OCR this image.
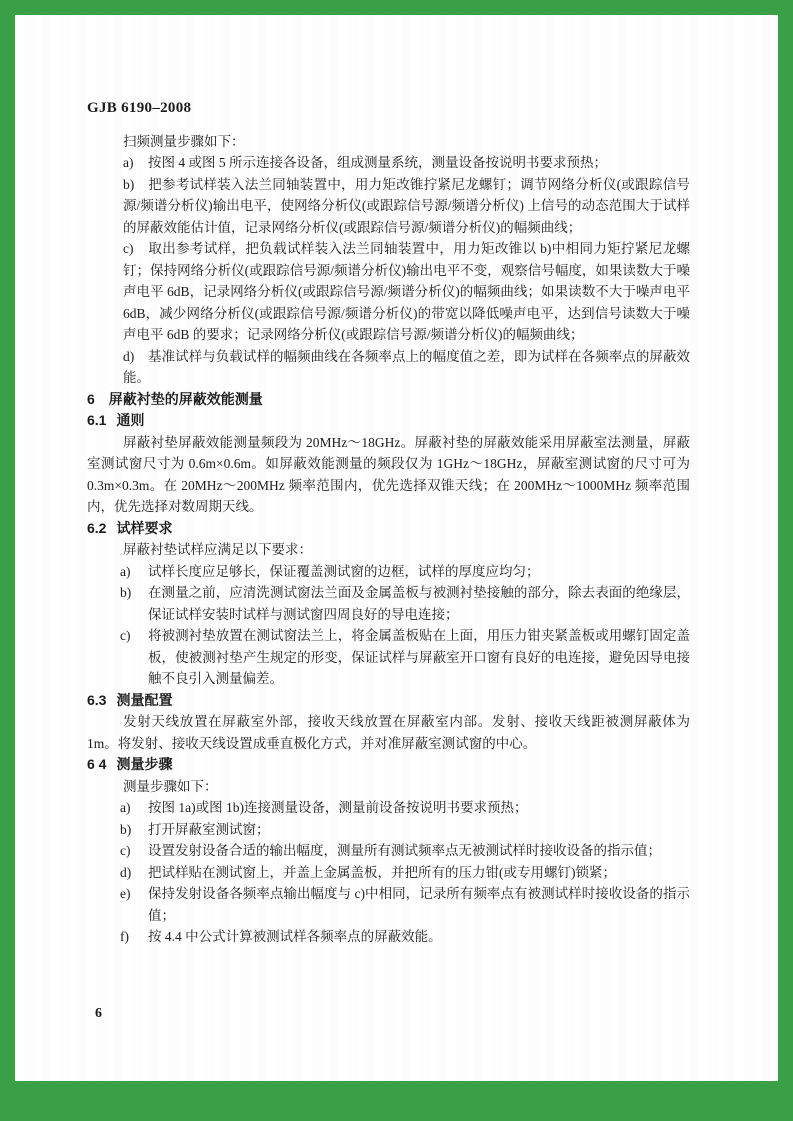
GJB 6190–2008

扫频测量步骤如下：

a) 按图 4 或图 5 所示连接各设备，组成测量系统，测量设备按说明书要求预热；

b) 把参考试样装入法兰同轴装置中，用力矩改锥拧紧尼龙螺钉；调节网络分析仪(或跟踪信号源/频谱分析仪)输出电平，使网络分析仪(或跟踪信号源/频谱分析仪) 上信号的动态范围大于试样的屏蔽效能估计值，记录网络分析仪(或跟踪信号源/频谱分析仪)的幅频曲线；

c) 取出参考试样，把负载试样装入法兰同轴装置中，用力矩改锥以 b)中相同力矩拧紧尼龙螺钉；保持网络分析仪(或跟踪信号源/频谱分析仪)输出电平不变，观察信号幅度，如果读数大于噪声电平 6dB，记录网络分析仪(或跟踪信号源/频谱分析仪)的幅频曲线；如果读数不大于噪声电平 6dB，减少网络分析仪(或跟踪信号源/频谱分析仪)的带宽以降低噪声电平，达到信号读数大于噪声电平 6dB 的要求；记录网络分析仪(或跟踪信号源/频谱分析仪)的幅频曲线；

d) 基准试样与负载试样的幅频曲线在各频率点上的幅度值之差，即为试样在各频率点的屏蔽效能。

6 屏蔽衬垫的屏蔽效能测量
6.1 通则

屏蔽衬垫屏蔽效能测量频段为 20MHz～18GHz。屏蔽衬垫的屏蔽效能采用屏蔽室法测量，屏蔽室测试窗尺寸为 0.6m×0.6m。如屏蔽效能测量的频段仅为 1GHz～18GHz，屏蔽室测试窗的尺寸可为 0.3m×0.3m。在 20MHz～200MHz 频率范围内，优先选择双锥天线；在 200MHz～1000MHz 频率范围内，优先选择对数周期天线。

6.2 试样要求

屏蔽衬垫试样应满足以下要求：

a)	试样长度应足够长，保证覆盖测试窗的边框，试样的厚度应均匀；
b)	在测量之前，应清洗测试窗法兰面及金属盖板与被测衬垫接触的部分，除去表面的绝缘层，保证试样安装时试样与测试窗四周良好的导电连接；
c)	将被测衬垫放置在测试窗法兰上，将金属盖板贴在上面，用压力钳夹紧盖板或用螺钉固定盖板，使被测衬垫产生规定的形变，保证试样与屏蔽室开口窗有良好的电连接，避免因导电接触不良引入测量偏差。
6.3 测量配置

发射天线放置在屏蔽室外部，接收天线放置在屏蔽室内部。发射、接收天线距被测屏蔽体为 1m。将发射、接收天线设置成垂直极化方式，并对准屏蔽室测试窗的中心。

6 4 测量步骤

测量步骤如下：

a)	按图 1a)或图 1b)连接测量设备，测量前设备按说明书要求预热；
b)	打开屏蔽室测试窗；
c)	设置发射设备合适的输出幅度，测量所有测试频率点无被测试样时接收设备的指示值；
d)	把试样贴在测试窗上，并盖上金属盖板，并把所有的压力钳(或专用螺钉)锁紧；
e)	保持发射设备各频率点输出幅度与 c)中相同，记录所有频率点有被测试样时接收设备的指示值；
f)	按 4.4 中公式计算被测试样各频率点的屏蔽效能。
6
